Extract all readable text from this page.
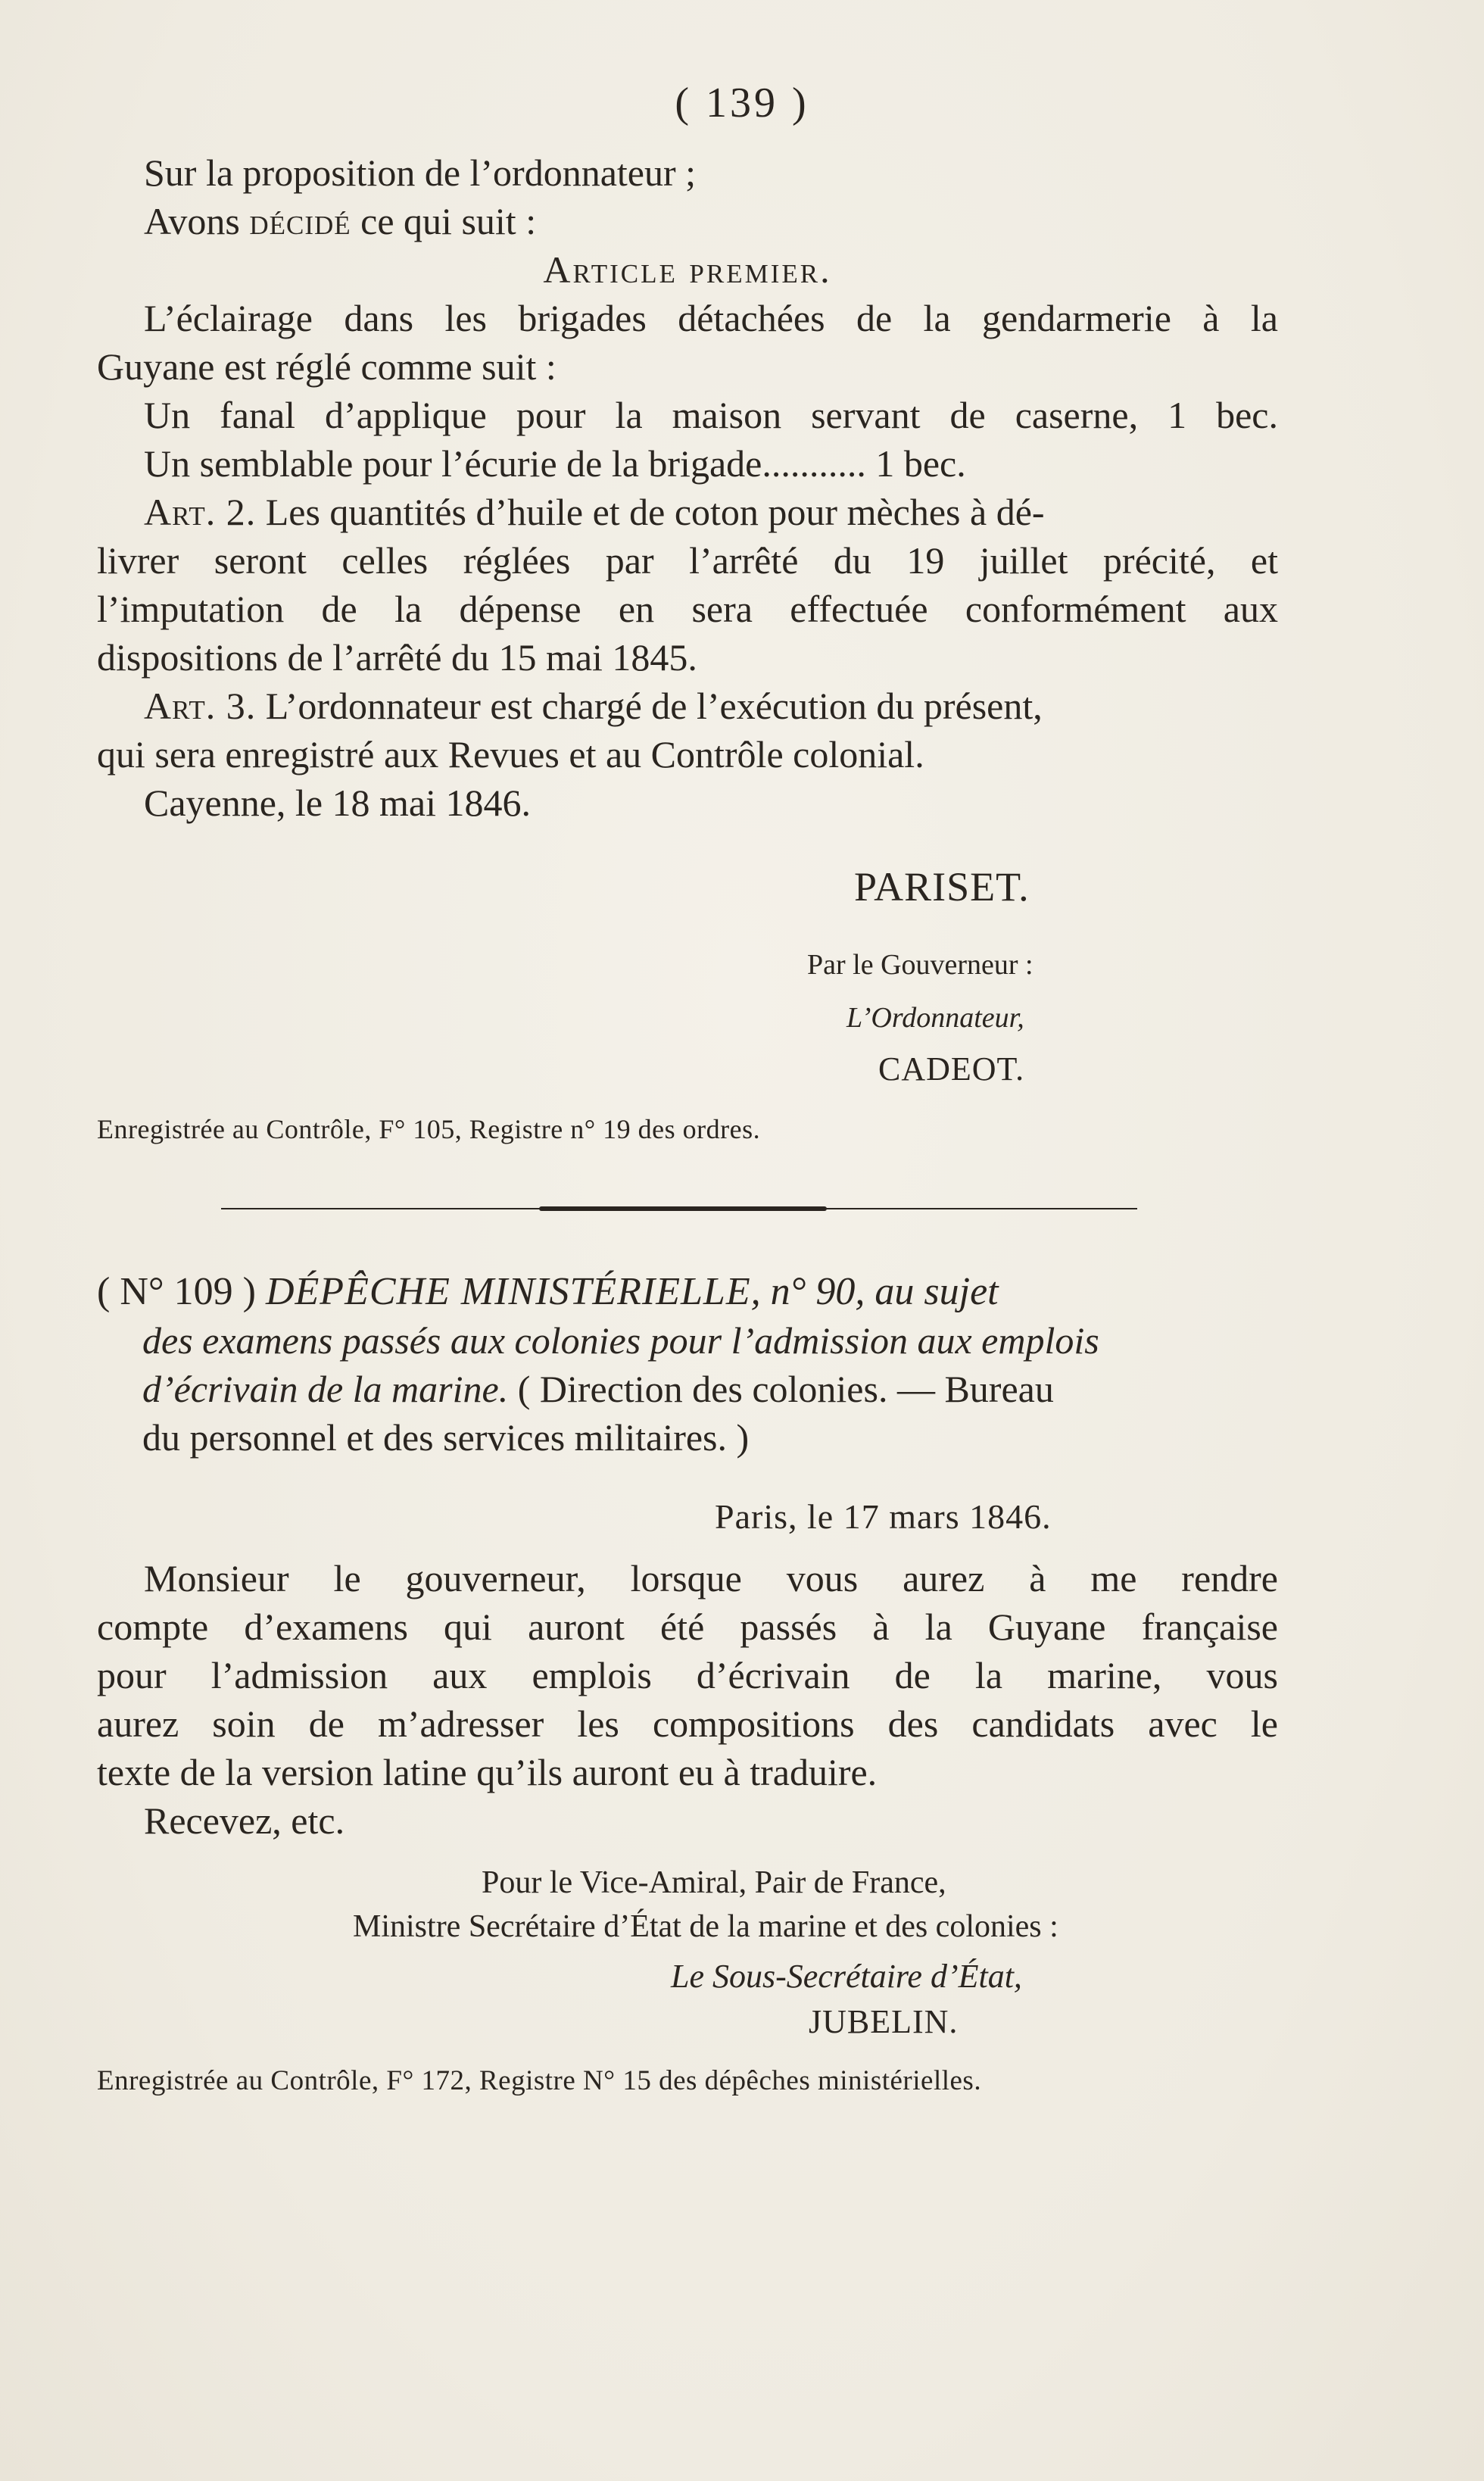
( 139 )
Sur la proposition de l’ordonnateur ;
Avons décidé ce qui suit :
Article premier.
L’éclairage dans les brigades détachées de la gendarmerie à la
Guyane est réglé comme suit :
Un fanal d’applique pour la maison servant de caserne, 1 bec.
Un semblable pour l’écurie de la brigade........... 1 bec.
Art. 2. Les quantités d’huile et de coton pour mèches à dé-
livrer seront celles réglées par l’arrêté du 19 juillet précité, et
l’imputation de la dépense en sera effectuée conformément aux
dispositions de l’arrêté du 15 mai 1845.
Art. 3. L’ordonnateur est chargé de l’exécution du présent,
qui sera enregistré aux Revues et au Contrôle colonial.
Cayenne, le 18 mai 1846.
PARISET.
Par le Gouverneur :
L’Ordonnateur,
CADEOT.
Enregistrée au Contrôle, F° 105, Registre n° 19 des ordres.
( N° 109 ) DÉPÊCHE MINISTÉRIELLE, n° 90, au sujet
des examens passés aux colonies pour l’admission aux emplois
d’écrivain de la marine. ( Direction des colonies. — Bureau
du personnel et des services militaires. )
Paris, le 17 mars 1846.
Monsieur le gouverneur, lorsque vous aurez à me rendre
compte d’examens qui auront été passés à la Guyane française
pour l’admission aux emplois d’écrivain de la marine, vous
aurez soin de m’adresser les compositions des candidats avec le
texte de la version latine qu’ils auront eu à traduire.
Recevez, etc.
Pour le Vice-Amiral, Pair de France,
Ministre Secrétaire d’État de la marine et des colonies :
Le Sous-Secrétaire d’État,
JUBELIN.
Enregistrée au Contrôle, F° 172, Registre N° 15 des dépêches ministérielles.
